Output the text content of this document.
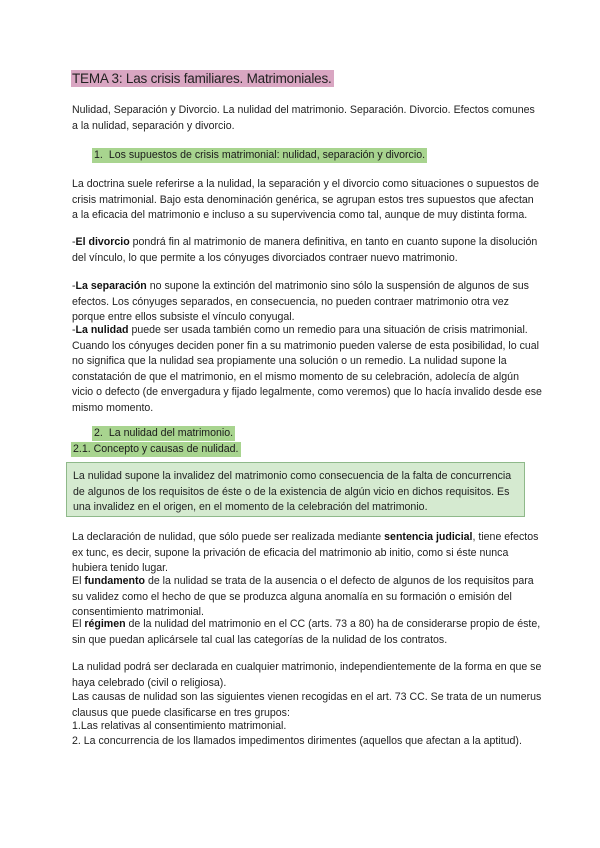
TEMA 3: Las crisis familiares. Matrimoniales.
Nulidad, Separación y Divorcio. La nulidad del matrimonio. Separación. Divorcio. Efectos comunes a la nulidad, separación y divorcio.
1. Los supuestos de crisis matrimonial: nulidad, separación y divorcio.
La doctrina suele referirse a la nulidad, la separación y el divorcio como situaciones o supuestos de crisis matrimonial. Bajo esta denominación genérica, se agrupan estos tres supuestos que afectan a la eficacia del matrimonio e incluso a su supervivencia como tal, aunque de muy distinta forma.
-El divorcio pondrá fin al matrimonio de manera definitiva, en tanto en cuanto supone la disolución del vínculo, lo que permite a los cónyuges divorciados contraer nuevo matrimonio.
-La separación no supone la extinción del matrimonio sino sólo la suspensión de algunos de sus efectos. Los cónyuges separados, en consecuencia, no pueden contraer matrimonio otra vez porque entre ellos subsiste el vínculo conyugal.
-La nulidad puede ser usada también como un remedio para una situación de crisis matrimonial. Cuando los cónyuges deciden poner fin a su matrimonio pueden valerse de esta posibilidad, lo cual no significa que la nulidad sea propiamente una solución o un remedio. La nulidad supone la constatación de que el matrimonio, en el mismo momento de su celebración, adolecía de algún vicio o defecto (de envergadura y fijado legalmente, como veremos) que lo hacía invalido desde ese mismo momento.
2. La nulidad del matrimonio.
2.1. Concepto y causas de nulidad.
La nulidad supone la invalidez del matrimonio como consecuencia de la falta de concurrencia de algunos de los requisitos de éste o de la existencia de algún vicio en dichos requisitos. Es una invalidez en el origen, en el momento de la celebración del matrimonio.
La declaración de nulidad, que sólo puede ser realizada mediante sentencia judicial, tiene efectos ex tunc, es decir, supone la privación de eficacia del matrimonio ab initio, como si éste nunca hubiera tenido lugar.
El fundamento de la nulidad se trata de la ausencia o el defecto de algunos de los requisitos para su validez como el hecho de que se produzca alguna anomalía en su formación o emisión del consentimiento matrimonial.
El régimen de la nulidad del matrimonio en el CC (arts. 73 a 80) ha de considerarse propio de éste, sin que puedan aplicársele tal cual las categorías de la nulidad de los contratos.
La nulidad podrá ser declarada en cualquier matrimonio, independientemente de la forma en que se haya celebrado (civil o religiosa).
Las causas de nulidad son las siguientes vienen recogidas en el art. 73 CC. Se trata de un numerus clausus que puede clasificarse en tres grupos:
1.Las relativas al consentimiento matrimonial.
2. La concurrencia de los llamados impedimentos dirimentes (aquellos que afectan a la aptitud).
